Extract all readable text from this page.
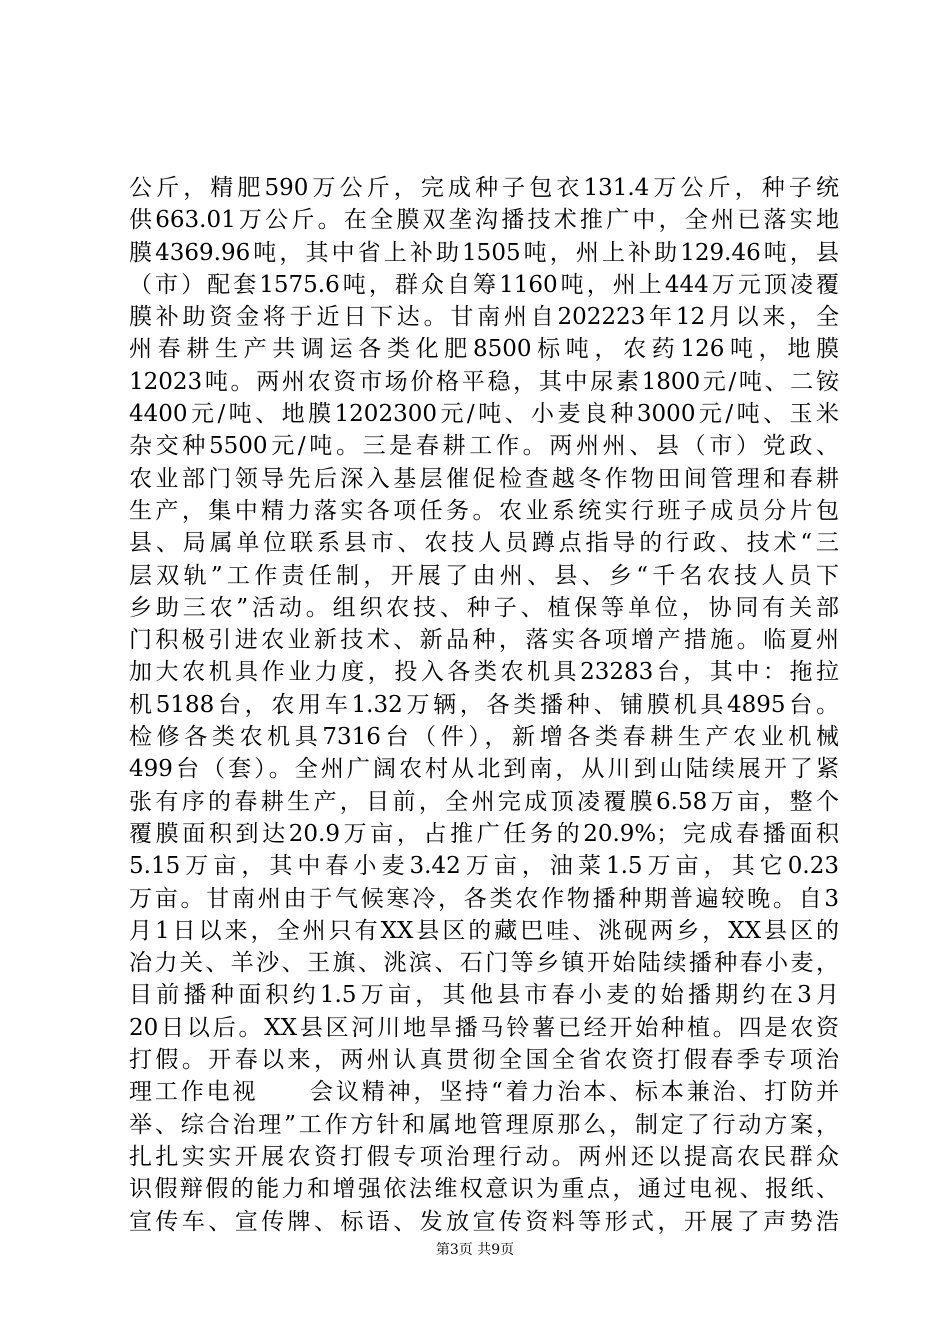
公斤，精肥590万公斤，完成种子包衣131.4万公斤，种子统
供663.01万公斤。在全膜双垄沟播技术推广中，全州已落实地
膜4369.96吨，其中省上补助1505吨，州上补助129.46吨，县
（市）配套1575.6吨，群众自筹1160吨，州上444万元顶凌覆
膜补助资金将于近日下达。甘南州自202223年12月以来，全
州春耕生产共调运各类化肥8500标吨，农药126吨，地膜
12023吨。两州农资市场价格平稳，其中尿素1800元/吨、二铵
4400元/吨、地膜1202300元/吨、小麦良种3000元/吨、玉米
杂交种5500元/吨。三是春耕工作。两州州、县（市）党政、
农业部门领导先后深入基层催促检查越冬作物田间管理和春耕
生产，集中精力落实各项任务。农业系统实行班子成员分片包
县、局属单位联系县市、农技人员蹲点指导的行政、技术“三
层双轨”工作责任制，开展了由州、县、乡“千名农技人员下
乡助三农”活动。组织农技、种子、植保等单位，协同有关部
门积极引进农业新技术、新品种，落实各项增产措施。临夏州
加大农机具作业力度，投入各类农机具23283台，其中：拖拉
机5188台，农用车1.32万辆，各类播种、铺膜机具4895台。
检修各类农机具7316台（件），新增各类春耕生产农业机械
499台（套）。全州广阔农村从北到南，从川到山陆续展开了紧
张有序的春耕生产，目前，全州完成顶凌覆膜6.58万亩，整个
覆膜面积到达20.9万亩，占推广任务的20.9%；完成春播面积
5.15万亩，其中春小麦3.42万亩，油菜1.5万亩，其它0.23
万亩。甘南州由于气候寒冷，各类农作物播种期普遍较晚。自3
月1日以来，全州只有XX县区的藏巴哇、洮砚两乡，XX县区的
冶力关、羊沙、王旗、洮滨、石门等乡镇开始陆续播种春小麦，
目前播种面积约1.5万亩，其他县市春小麦的始播期约在3月
20日以后。XX县区河川地旱播马铃薯已经开始种植。四是农资
打假。开春以来，两州认真贯彻全国全省农资打假春季专项治
理工作电视　　会议精神，坚持“着力治本、标本兼治、打防并
举、综合治理”工作方针和属地管理原那么，制定了行动方案，
扎扎实实开展农资打假专项治理行动。两州还以提高农民群众
识假辩假的能力和增强依法维权意识为重点，通过电视、报纸、
宣传车、宣传牌、标语、发放宣传资料等形式，开展了声势浩
第3页 共9页
